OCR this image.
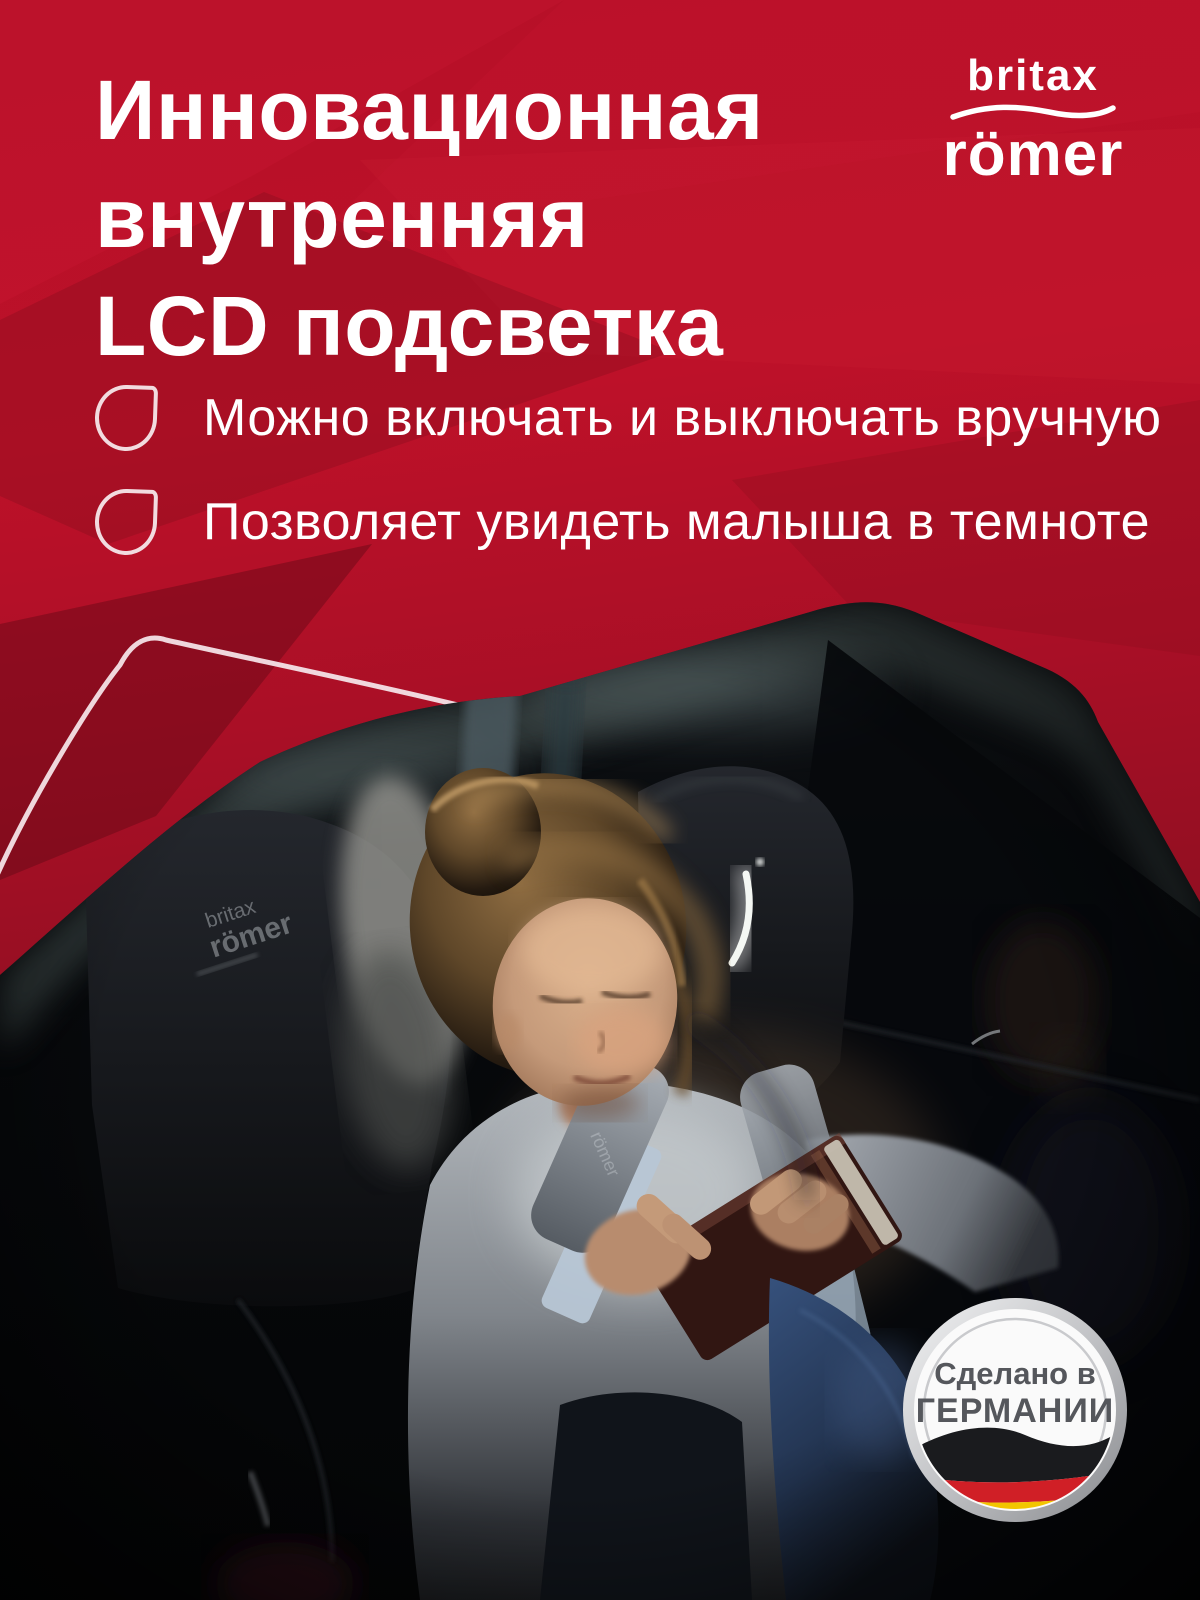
Сделано в
ГЕРМАНИИ
Инновационная
внутренняя
LCD подсветка
britax
römer
Можно включать и выключать вручную
Позволяет увидеть малыша в темноте
